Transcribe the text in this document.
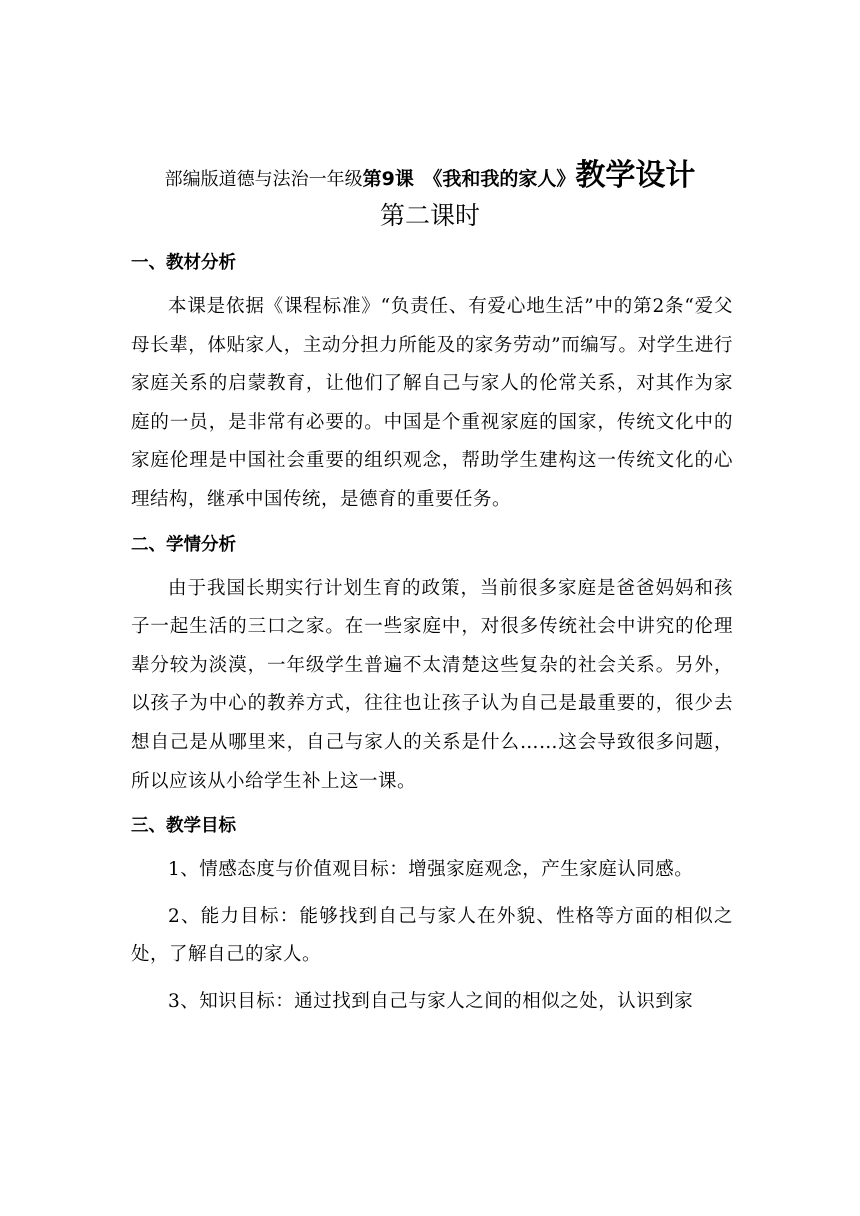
部编版道德与法治一年级第9课　《我和我的家人》教学设计
第二课时
一、教材分析

本课是依据《课程标准》“负责任、有爱心地生活”中的第2条“爱父母长辈，体贴家人，主动分担力所能及的家务劳动”而编写。对学生进行家庭关系的启蒙教育，让他们了解自己与家人的伦常关系，对其作为家庭的一员，是非常有必要的。中国是个重视家庭的国家，传统文化中的家庭伦理是中国社会重要的组织观念，帮助学生建构这一传统文化的心理结构，继承中国传统，是德育的重要任务。

二、学情分析

由于我国长期实行计划生育的政策，当前很多家庭是爸爸妈妈和孩子一起生活的三口之家。在一些家庭中，对很多传统社会中讲究的伦理辈分较为淡漠，一年级学生普遍不太清楚这些复杂的社会关系。另外，以孩子为中心的教养方式，往往也让孩子认为自己是最重要的，很少去想自己是从哪里来，自己与家人的关系是什么……这会导致很多问题，所以应该从小给学生补上这一课。

三、教学目标

1、情感态度与价值观目标：增强家庭观念，产生家庭认同感。

2、能力目标：能够找到自己与家人在外貌、性格等方面的相似之处，了解自己的家人。

3、知识目标：通过找到自己与家人之间的相似之处，认识到家
